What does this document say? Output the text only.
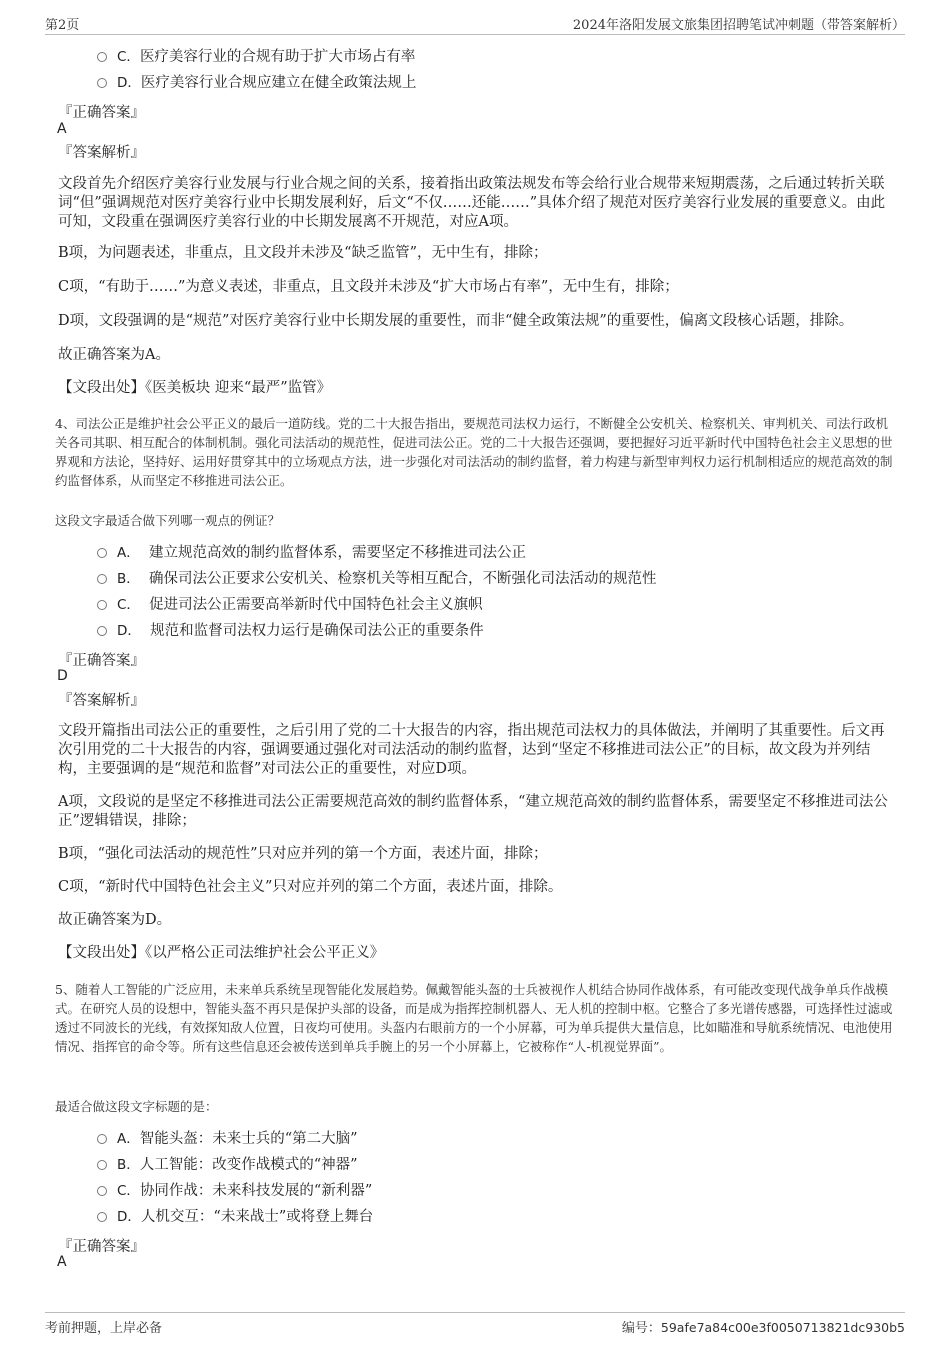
第2页	2024年洛阳发展文旅集团招聘笔试冲刺题（带答案解析）
C．医疗美容行业的合规有助于扩大市场占有率
D．医疗美容行业合规应建立在健全政策法规上
『正确答案』
A
『答案解析』
文段首先介绍医疗美容行业发展与行业合规之间的关系，接着指出政策法规发布等会给行业合规带来短期震荡，之后通过转折关联词“但”强调规范对医疗美容行业中长期发展利好，后文“不仅……还能……”具体介绍了规范对医疗美容行业发展的重要意义。由此可知，文段重在强调医疗美容行业的中长期发展离不开规范，对应A项。
B项，为问题表述，非重点，且文段并未涉及“缺乏监管”，无中生有，排除；
C项，“有助于……”为意义表述，非重点，且文段并未涉及“扩大市场占有率”，无中生有，排除；
D项，文段强调的是“规范”对医疗美容行业中长期发展的重要性，而非“健全政策法规”的重要性，偏离文段核心话题，排除。
故正确答案为A。
【文段出处】《医美板块 迎来“最严”监管》
4、司法公正是维护社会公平正义的最后一道防线。党的二十大报告指出，要规范司法权力运行，不断健全公安机关、检察机关、审判机关、司法行政机关各司其职、相互配合的体制机制。强化司法活动的规范性，促进司法公正。党的二十大报告还强调，要把握好习近平新时代中国特色社会主义思想的世界观和方法论，坚持好、运用好贯穿其中的立场观点方法，进一步强化对司法活动的制约监督，着力构建与新型审判权力运行机制相适应的规范高效的制约监督体系，从而坚定不移推进司法公正。
这段文字最适合做下列哪一观点的例证？
A． 建立规范高效的制约监督体系，需要坚定不移推进司法公正
B． 确保司法公正要求公安机关、检察机关等相互配合，不断强化司法活动的规范性
C． 促进司法公正需要高举新时代中国特色社会主义旗帜
D． 规范和监督司法权力运行是确保司法公正的重要条件
『正确答案』
D
『答案解析』
文段开篇指出司法公正的重要性，之后引用了党的二十大报告的内容，指出规范司法权力的具体做法，并阐明了其重要性。后文再次引用党的二十大报告的内容，强调要通过强化对司法活动的制约监督，达到“坚定不移推进司法公正”的目标，故文段为并列结构，主要强调的是“规范和监督”对司法公正的重要性，对应D项。
A项，文段说的是坚定不移推进司法公正需要规范高效的制约监督体系，“建立规范高效的制约监督体系，需要坚定不移推进司法公正”逻辑错误，排除；
B项，“强化司法活动的规范性”只对应并列的第一个方面，表述片面，排除；
C项，“新时代中国特色社会主义”只对应并列的第二个方面，表述片面，排除。
故正确答案为D。
【文段出处】《以严格公正司法维护社会公平正义》
5、随着人工智能的广泛应用，未来单兵系统呈现智能化发展趋势。佩戴智能头盔的士兵被视作人机结合协同作战体系，有可能改变现代战争单兵作战模式。在研究人员的设想中，智能头盔不再只是保护头部的设备，而是成为指挥控制机器人、无人机的控制中枢。它整合了多光谱传感器，可选择性过滤或透过不同波长的光线，有效探知敌人位置，日夜均可使用。头盔内右眼前方的一个小屏幕，可为单兵提供大量信息，比如瞄准和导航系统情况、电池使用情况、指挥官的命令等。所有这些信息还会被传送到单兵手腕上的另一个小屏幕上，它被称作“人-机视觉界面”。
最适合做这段文字标题的是：
A．智能头盔：未来士兵的“第二大脑”
B．人工智能：改变作战模式的“神器”
C．协同作战：未来科技发展的“新利器”
D．人机交互：“未来战士”或将登上舞台
『正确答案』
A
考前押题，上岸必备	编号：59afe7a84c00e3f0050713821dc930b5
